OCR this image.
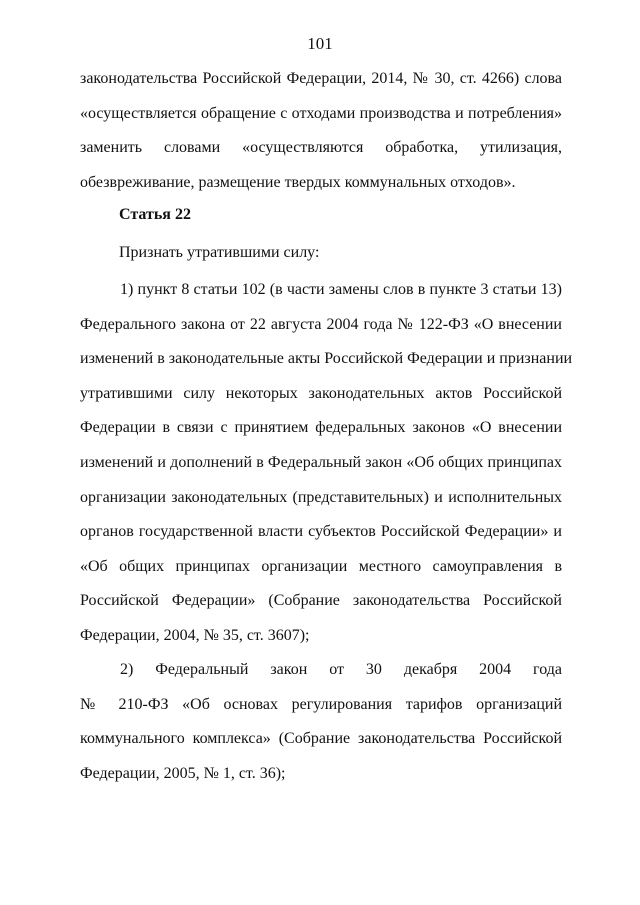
101
законодательства Российской Федерации, 2014, № 30, ст. 4266) слова
«осуществляется обращение с отходами производства и потребления»
заменить словами «осуществляются обработка, утилизация,
обезвреживание, размещение твердых коммунальных отходов».
Статья 22
Признать утратившими силу:
1) пункт 8 статьи 102 (в части замены слов в пункте 3 статьи 13)
Федерального закона от 22 августа 2004 года № 122-ФЗ «О внесении
изменений в законодательные акты Российской Федерации и признании
утратившими силу некоторых законодательных актов Российской
Федерации в связи с принятием федеральных законов «О внесении
изменений и дополнений в Федеральный закон «Об общих принципах
организации законодательных (представительных) и исполнительных
органов государственной власти субъектов Российской Федерации» и
«Об общих принципах организации местного самоуправления в
Российской Федерации» (Собрание законодательства Российской
Федерации, 2004, № 35, ст. 3607);
2) Федеральный закон от 30 декабря 2004 года
№ 210-ФЗ «Об основах регулирования тарифов организаций
коммунального комплекса» (Собрание законодательства Российской
Федерации, 2005, № 1, ст. 36);
